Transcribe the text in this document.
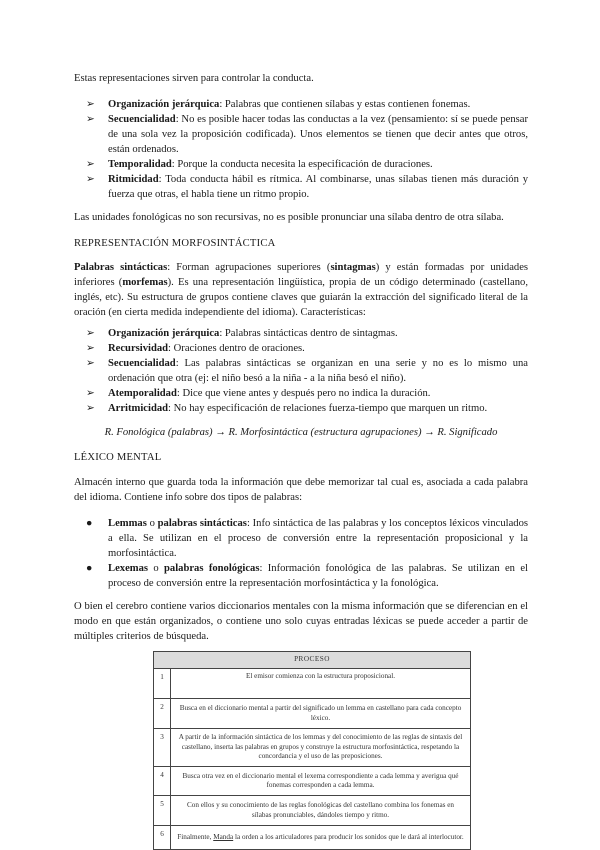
Estas representaciones sirven para controlar la conducta.

➢	Organización jerárquica: Palabras que contienen sílabas y estas contienen fonemas.
➢	Secuencialidad: No es posible hacer todas las conductas a la vez (pensamiento: sí se puede pensar de una sola vez la proposición codificada). Unos elementos se tienen que decir antes que otros, están ordenados.
➢	Temporalidad: Porque la conducta necesita la especificación de duraciones.
➢	Ritmicidad: Toda conducta hábil es rítmica. Al combinarse, unas sílabas tienen más duración y fuerza que otras, el habla tiene un ritmo propio.

Las unidades fonológicas no son recursivas, no es posible pronunciar una sílaba dentro de otra sílaba.

REPRESENTACIÓN MORFOSINTÁCTICA

Palabras sintácticas: Forman agrupaciones superiores (sintagmas) y están formadas por unidades inferiores (morfemas). Es una representación lingüística, propia de un código determinado (castellano, inglés, etc). Su estructura de grupos contiene claves que guiarán la extracción del significado literal de la oración (en cierta medida independiente del idioma). Características:

➢	Organización jerárquica: Palabras sintácticas dentro de sintagmas.
➢	Recursividad: Oraciones dentro de oraciones.
➢	Secuencialidad: Las palabras sintácticas se organizan en una serie y no es lo mismo una ordenación que otra (ej: el niño besó a la niña - a la niña besó el niño).
➢	Atemporalidad: Dice que viene antes y después pero no indica la duración.
➢	Arritmicidad: No hay especificación de relaciones fuerza-tiempo que marquen un ritmo.

R. Fonológica (palabras) → R. Morfosintáctica (estructura agrupaciones) → R. Significado

LÉXICO MENTAL

Almacén interno que guarda toda la información que debe memorizar tal cual es, asociada a cada palabra del idioma. Contiene info sobre dos tipos de palabras:

●	Lemmas o palabras sintácticas: Info sintáctica de las palabras y los conceptos léxicos vinculados a ella. Se utilizan en el proceso de conversión entre la representación proposicional y la morfosintáctica.
●	Lexemas o palabras fonológicas: Información fonológica de las palabras. Se utilizan en el proceso de conversión entre la representación morfosintáctica y la fonológica.

O bien el cerebro contiene varios diccionarios mentales con la misma información que se diferencian en el modo en que están organizados, o contiene uno solo cuyas entradas léxicas se puede acceder a partir de múltiples criterios de búsqueda.

PROCESO	
1	El emisor comienza con la estructura proposicional.
2	Busca en el diccionario mental a partir del significado un lemma en castellano para cada concepto léxico.
3	A partir de la información sintáctica de los lemmas y del conocimiento de las reglas de sintaxis del castellano, inserta las palabras en grupos y construye la estructura morfosintáctica, respetando la concordancia y el uso de las preposiciones.
4	Busca otra vez en el diccionario mental el lexema correspondiente a cada lemma y averigua qué fonemas corresponden a cada lemma.
5	Con ellos y su conocimiento de las reglas fonológicas del castellano combina los fonemas en sílabas pronunciables, dándoles tiempo y ritmo.
6	Finalmente, Manda la orden a los articuladores para producir los sonidos que le dará al interlocutor.
